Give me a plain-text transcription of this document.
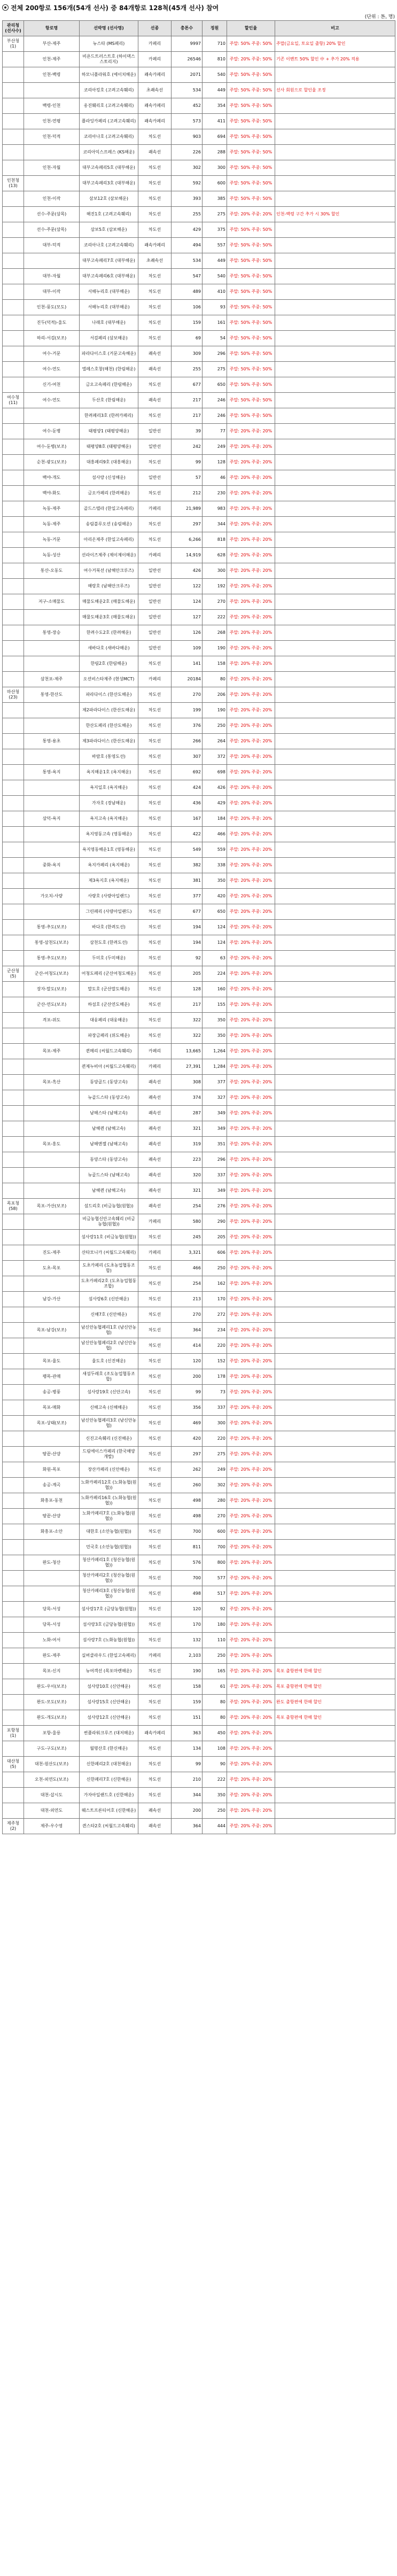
전체 200항로 156개(54개 선사) 중 84개항로 128척(45개 선사) 참여
(단위 : 톤, 명)
관리청 (선사수)	항로명	선박명 (선사명)	선종	총톤수	정원	할인율	비고
부산청 (1)	부산-제주	뉴스타 (MS페리)	카페리	9997	710	주말: 50% 주중: 50%	주말(금요일, 토요일 출항) 20% 할인
	인천-제주	비욘드트러스트호 (하이덱스스토리지)	카페리	26546	810	주말: 20% 주중: 50%	기존 이벤트 50% 할인 中 + 추가 20% 적용
	인천-백령	하모니플라워호 (에이치해운)	쾌속카페리	2071	540	주말: 50% 주중: 50%	
		코리아킹호 (고려고속훼리)	초쾌속선	534	449	주말: 50% 주중: 50%	선사 회원으로 할인율 조정
	백령-인천	옹진훼리호 (고려고속훼리)	쾌속카페리	452	354	주말: 50% 주중: 50%	
	인천-연평	플라잉카페리 (고려고속훼리)	쾌속카페리	573	411	주말: 50% 주중: 50%	
	인천-덕적	코리아나호 (고려고속훼리)	차도선	903	694	주말: 50% 주중: 50%	
		코리아익스프레스 (KS해운)	쾌속선	226	288	주말: 50% 주중: 50%	
	인천-자월	대부고속페리5호 (대부해운)	차도선	302	300	주말: 50% 주중: 50%	
인천청 (13)		대부고속페리3호 (대부해운)	차도선	592	600	주말: 50% 주중: 50%	
	인천-이작	삼보12호 (삼보해운)	차도선	393	385	주말: 50% 주중: 50%	
	선수-주문(삼목)	해진1호 (고려고속훼리)	차도선	255	275	주말: 20% 주중: 20%	인천-백령 구간 추가 시 30% 할인
	선수-주문(삼목)	삼보5호 (삼보해운)	차도선	429	375	주말: 50% 주중: 50%	
	대부-덕적	코리아나호 (고려고속훼리)	쾌속카페리	494	557	주말: 50% 주중: 50%	
		대부고속페리7호 (대부해운)	초쾌속선	534	449	주말: 50% 주중: 50%	
	대부-자월	대부고속페리6호 (대부해운)	차도선	547	540	주말: 50% 주중: 50%	
	대부-이작	서해누리호 (대부해운)	차도선	489	410	주말: 50% 주중: 50%	
	인천-풍도(모도)	서해누리호 (대부해운)	차도선	106	93	주말: 50% 주중: 50%	
	진두(덕적)-울도	나래호 (대부해운)	차도선	159	161	주말: 50% 주중: 50%	
	하리-서검(보조)	서검페리 (삼보해운)	차도선	69	54	주말: 50% 주중: 50%	
	여수-거문	파라다이스호 (거문고속해운)	쾌속선	309	296	주말: 50% 주중: 50%	
	여수-연도	엘레스호창(해천) (한림해운)	쾌속선	255	275	주말: 50% 주중: 50%	
	신기-여천	금오고속페리 (한림해운)	차도선	677	650	주말: 50% 주중: 50%	
여수청 (11)	여수-연도	두산호 (한림해운)	쾌속선	217	246	주말: 50% 주중: 50%	
		한려페리3호 (한려카페리)	차도선	217	246	주말: 50% 주중: 50%	
	여수-둔병	태평양1 (태평양해운)	일반선	39	77	주말: 20% 주중: 20%	
	여수-둔병(보조)	태평양8호 (태평양해운)	일반선	242	249	주말: 20% 주중: 20%	
	순천-광도(보조)	대흥페리9호 (대흥해운)	차도선	99	128	주말: 20% 주중: 20%	
	백야-개도	섬사랑 (신성해운)	일반선	57	46	주말: 20% 주중: 20%	
	백야-화도	금오카페리 (한려해운)	차도선	212	230	주말: 20% 주중: 20%	
	녹동-제주	골드스텔라 (한일고속페리)	카페리	21,989	983	주말: 20% 주중: 20%	
	녹동-제주	송림블루오션 (송림해운)	차도선	297	344	주말: 20% 주중: 20%	
	녹동-거문	아리온제주 (한일고속페리)	차도선	6,266	818	주말: 20% 주중: 20%	
	녹동-성산	선라이즈제주 (제이제이해운)	카페리	14,919	628	주말: 20% 주중: 20%	
	통산-오동도	여수거북선 (남해안크루즈)	일반선	426	300	주말: 20% 주중: 20%	
		해랑호 (남해안크루즈)	일반선	122	192	주말: 20% 주중: 20%	
	저구-소매물도	매물도해운2호 (매물도해운)	일반선	124	270	주말: 20% 주중: 20%	
		매물도해운3호 (매물도해운)	일반선	127	222	주말: 20% 주중: 20%	
	통영-장승	한려수도2호 (한려해운)	일반선	126	268	주말: 20% 주중: 20%	
		새바다호 (새바다해운)	일반선	109	190	주말: 20% 주중: 20%	
		한림2호 (한림해운)	차도선	141	158	주말: 20% 주중: 20%	
	삼천포-제주	오션비스타제주 (현성MCT)	카페리	20184	80	주말: 20% 주중: 20%	
마산청 (23)	통영-한산도	파라다이스 (한산도해운)	차도선	270	206	주말: 20% 주중: 20%	
		제2파라다이스 (한산도해운)	차도선	199	190	주말: 20% 주중: 20%	
		한산도페리 (한산도해운)	차도선	376	250	주말: 20% 주중: 20%	
	통영-용초	제3파라다이스 (한산도해운)	차도선	266	264	주말: 20% 주중: 20%	
		바람호 (통영도선)	차도선	307	372	주말: 20% 주중: 20%	
	통영-욕지	욕지해운1호 (욕지해운)	차도선	692	698	주말: 20% 주중: 20%	
		욕지일호 (욕지해운)	차도선	424	426	주말: 20% 주중: 20%	
		가자호 (경남해운)	차도선	436	429	주말: 20% 주중: 20%	
	삼덕-욕지	욕지고속 (욕지해운)	차도선	167	184	주말: 20% 주중: 20%	
		욕지영동고속 (영동해운)	차도선	422	466	주말: 20% 주중: 20%	
		욕지영동해운1호 (영동해운)	차도선	549	559	주말: 20% 주중: 20%	
	중화-욕지	욕지카페리 (욕지해운)	차도선	382	338	주말: 20% 주중: 20%	
		제3욕지호 (욕지해운)	차도선	381	350	주말: 20% 주중: 20%	
	가오치-사량	사량호 (사량아일랜드)	차도선	377	420	주말: 20% 주중: 20%	
		그린페리 (사량아일랜드)	차도선	677	650	주말: 20% 주중: 20%	
	통영-추도(보조)	바다호 (한려도선)	차도선	194	124	주말: 20% 주중: 20%	
	통영-삼천도(보조)	삼천도호 (한려도선)	차도선	194	124	주말: 20% 주중: 20%	
	통영-추도(보조)	두미호 (두미해운)	차도선	92	63	주말: 20% 주중: 20%	
군산청 (5)	군산-어청도(보조)	어청도페리 (군산어청도해운)	차도선	205	224	주말: 20% 주중: 20%	
	장자-말도(보조)	말도호 (군산말도해운)	차도선	128	160	주말: 20% 주중: 20%	
	군산-연도(보조)	하섬호 (군산연도해운)	차도선	217	155	주말: 20% 주중: 20%	
	격포-위도	대웅페리 (대웅해운)	차도선	322	350	주말: 20% 주중: 20%	
		파장금페리 (위도해운)	차도선	322	350	주말: 20% 주중: 20%	
	목포-제주	퀸메리 (씨월드고속훼리)	카페리	13,665	1,264	주말: 20% 주중: 20%	
		퀸제누비아 (씨월드고속훼리)	카페리	27,391	1,284	주말: 20% 주중: 20%	
	목포-흑산	동양골드 (동양고속)	쾌속선	308	377	주말: 20% 주중: 20%	
		뉴골드스타 (동양고속)	쾌속선	374	327	주말: 20% 주중: 20%	
		남해스타 (남해고속)	쾌속선	287	349	주말: 20% 주중: 20%	
		남해퀸 (남해고속)	쾌속선	321	349	주말: 20% 주중: 20%	
	목포-홍도	남해엔젤 (남해고속)	쾌속선	319	351	주말: 20% 주중: 20%	
		동양스타 (동양고속)	쾌속선	223	296	주말: 20% 주중: 20%	
		뉴골드스타 (남해고속)	쾌속선	320	337	주말: 20% 주중: 20%	
		남해퀸 (남해고속)	쾌속선	321	349	주말: 20% 주중: 20%	
목포청 (58)	목포-가산(보조)	섬드리호 (비금농협(원협))	쾌속선	254	276	주말: 20% 주중: 20%	
		비금농협신안고속훼리 (비금농협(원협))	카페리	580	290	주말: 20% 주중: 20%	
		섬사랑11호 (비금농협(원협))	차도선	245	205	주말: 20% 주중: 20%	
	진도-제주	산타모니카 (씨월드고속훼리)	카페리	3,321	606	주말: 20% 주중: 20%	
	도초-목포	도초카페리 (도초농업협동조합)	차도선	466	250	주말: 20% 주중: 20%	
		도초카페리2호 (도초농업협동조합)	차도선	254	162	주말: 20% 주중: 20%	
	남강-가산	섬사랑6호 (신안해운)	차도선	213	170	주말: 20% 주중: 20%	
		신해7호 (신안해운)	차도선	270	272	주말: 20% 주중: 20%	
	목포-남강(보조)	남신안농협페리1호 (남신안농협)	차도선	364	234	주말: 20% 주중: 20%	
		남신안농협페리2호 (남신안농협)	차도선	414	220	주말: 20% 주중: 20%	
	목포-율도	율도호 (신진해운)	차도선	120	152	주말: 20% 주중: 20%	
	팽목-관매	새섬두레호 (조도농업협동조합)	차도선	200	178	주말: 20% 주중: 20%	
	송공-병풍	섬사랑19호 (신안고속)	차도선	99	73	주말: 20% 주중: 20%	
	목포-매화	신해고속 (신해해운)	차도선	356	337	주말: 20% 주중: 20%	
	목포-상태(보조)	남신안농협페리3호 (남신안농협)	차도선	469	300	주말: 20% 주중: 20%	
		신진고속훼리 (신진해운)	차도선	420	220	주말: 20% 주중: 20%	
	땅끝-산양	드림에이스카페리 (한국해양개발)	차도선	297	275	주말: 20% 주중: 20%	
	화원-목포	장산카페리 (신안해운)	차도선	262	249	주말: 20% 주중: 20%	
	송공-계곡	노화카페리12호 (노화농협(원협))	차도선	260	302	주말: 20% 주중: 20%	
	화흥포-동천	노화카페리16호 (노화농협(원협))	차도선	498	280	주말: 20% 주중: 20%	
	땅끝-산양	노화카페리7호 (노화농협(원협))	차도선	498	270	주말: 20% 주중: 20%	
	화흥포-소안	대한호 (소안농협(원협))	차도선	700	600	주말: 20% 주중: 20%	
		민국호 (소안농협(원협))	차도선	811	700	주말: 20% 주중: 20%	
	완도-청산	청산카페리1호 (청산농협(원협))	차도선	576	800	주말: 20% 주중: 20%	
		청산카페리2호 (청산농협(원협))	차도선	700	577	주말: 20% 주중: 20%	
		청산카페리3호 (청산농협(원협))	차도선	498	517	주말: 20% 주중: 20%	
	당목-서성	섬사랑17호 (금당농협(원협))	차도선	120	92	주말: 20% 주중: 20%	
	당목-서성	섬사랑3호 (금당농협(원협))	차도선	170	180	주말: 20% 주중: 20%	
	노화-여서	섬사랑7호 (노화농협(원협))	차도선	132	110	주말: 20% 주중: 20%	
	완도-제주	실버클라우드 (한일고속페리)	카페리	2,103	250	주말: 20% 주중: 20%	
	목포-신지	뉴여객선 (목포마렌해운)	차도선	190	165	주말: 20% 주중: 20%	목포 출항편에 한해 할인
	완도-우이(보조)	섬사랑10호 (신안해운)	차도선	158	61	주말: 20% 주중: 20%	목포 출항편에 한해 할인
	완도-모도(보조)	섬사랑15호 (신안해운)	차도선	159	80	주말: 20% 주중: 20%	완도 출항편에 한해 할인
	완도-개도(보조)	섬사랑12호 (신안해운)	차도선	151	80	주말: 20% 주중: 20%	목포 출항편에 한해 할인
포항청 (1)	포항-울릉	썬플라워크루즈 (대저해운)	쾌속카페리	363	450	주말: 20% 주중: 20%	
	구도-구도(보조)	월명산호 (한신해운)	차도선	134	108	주말: 20% 주중: 20%	
대산청 (5)	대천-원산도(보조)	신한페리2호 (대천해운)	차도선	99	90	주말: 20% 주중: 20%	
	오천-외연도(보조)	신한페리7호 (신한해운)	차도선	210	222	주말: 20% 주중: 20%	
	대천-삽시도	가자아일랜드호 (신한해운)	차도선	344	350	주말: 20% 주중: 20%	
	대천-외연도	웨스트프론티어호 (신한해운)	쾌속선	200	250	주말: 20% 주중: 20%	
제주청 (2)	제주-우수영	퀸스타2호 (씨월드고속훼리)	쾌속선	364	444	주말: 20% 주중: 20%	
